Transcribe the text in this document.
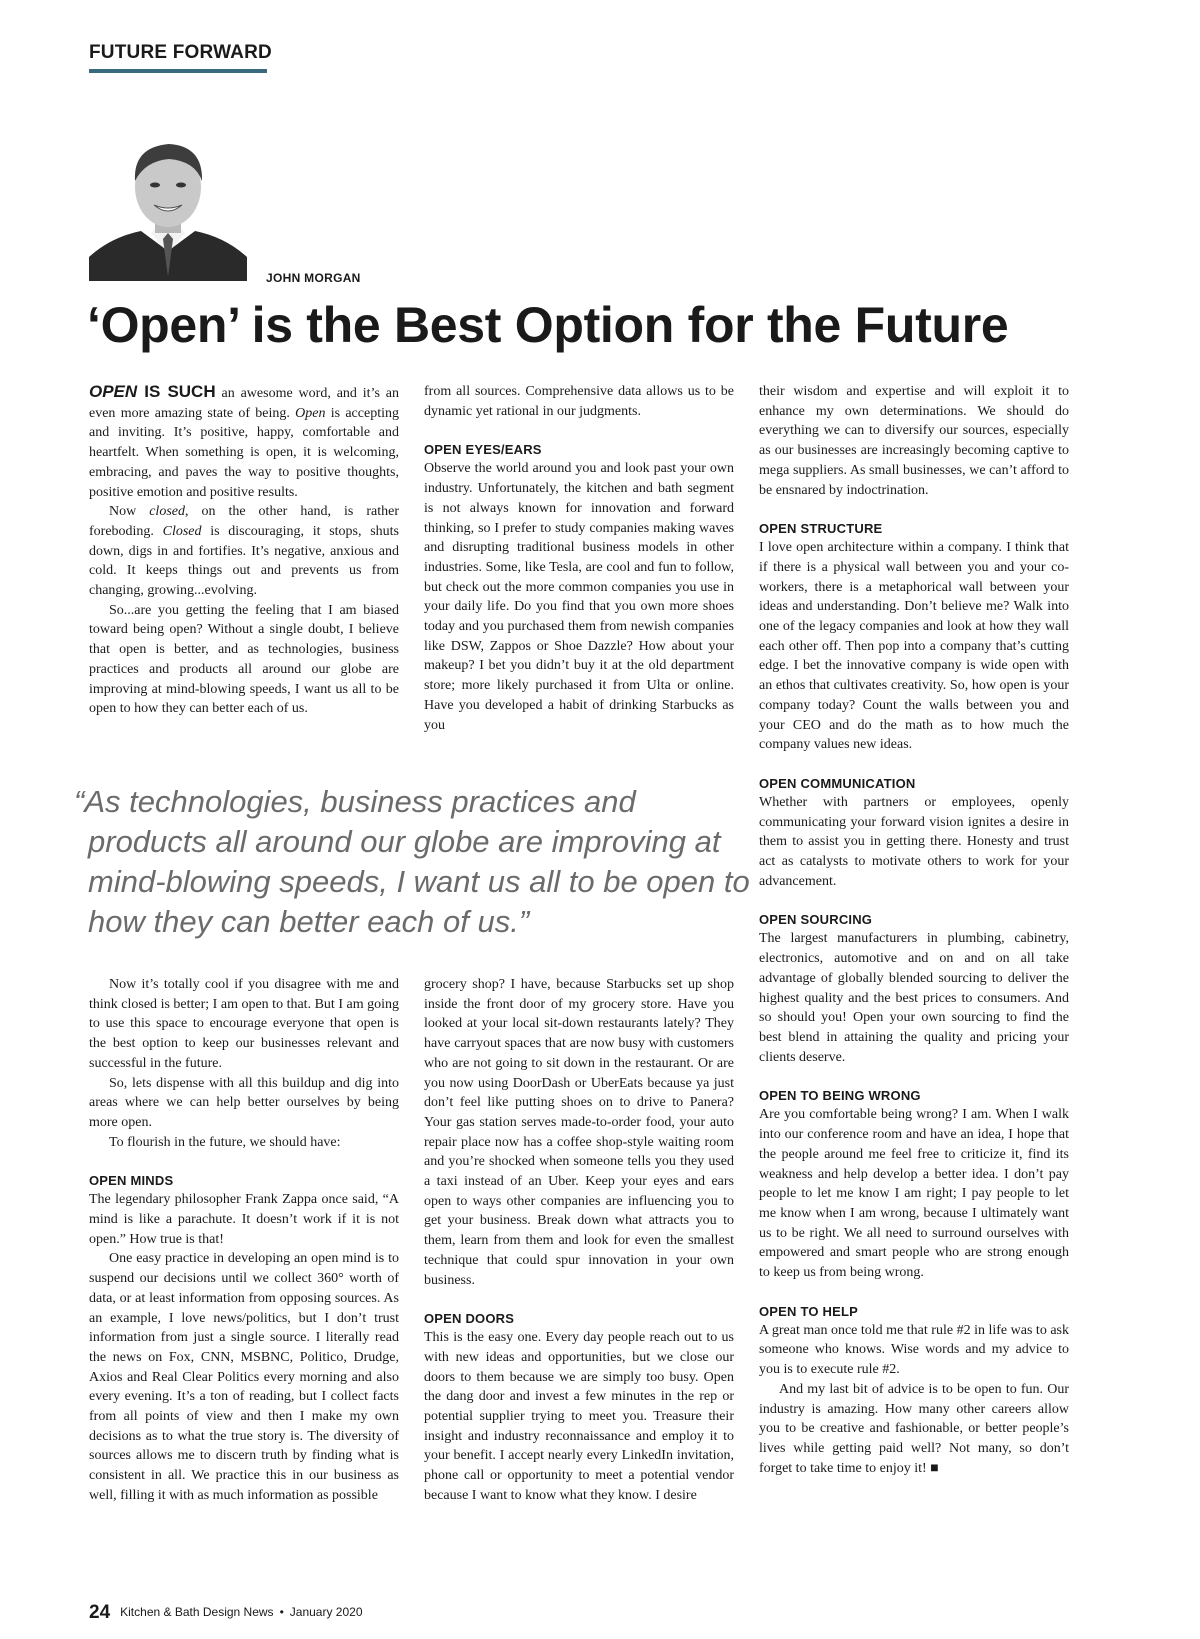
FUTURE FORWARD
JOHN MORGAN
‘Open’ is the Best Option for the Future

OPEN IS SUCH an awesome word, and it’s an even more amazing state of being. Open is accepting and inviting. It’s positive, happy, comfortable and heartfelt. When something is open, it is welcoming, embracing, and paves the way to positive thoughts, positive emotion and positive results.

Now closed, on the other hand, is rather foreboding. Closed is discouraging, it stops, shuts down, digs in and fortifies. It’s negative, anxious and cold. It keeps things out and prevents us from changing, growing...evolving.

So...are you getting the feeling that I am biased toward being open? Without a single doubt, I believe that open is better, and as technologies, business practices and products all around our globe are improving at mind-blowing speeds, I want us all to be open to how they can better each of us.

from all sources. Comprehensive data allows us to be dynamic yet rational in our judgments.

OPEN EYES/EARS

Observe the world around you and look past your own industry. Unfortunately, the kitchen and bath segment is not always known for innovation and forward thinking, so I prefer to study companies making waves and disrupting traditional business models in other industries. Some, like Tesla, are cool and fun to follow, but check out the more common companies you use in your daily life. Do you find that you own more shoes today and you purchased them from newish companies like DSW, Zappos or Shoe Dazzle? How about your makeup? I bet you didn’t buy it at the old department store; more likely purchased it from Ulta or online. Have you developed a habit of drinking Starbucks as you

their wisdom and expertise and will exploit it to enhance my own determinations. We should do everything we can to diversify our sources, especially as our businesses are increasingly becoming captive to mega suppliers. As small businesses, we can’t afford to be ensnared by indoctrination.

OPEN STRUCTURE

I love open architecture within a company. I think that if there is a physical wall between you and your co-workers, there is a metaphorical wall between your ideas and understanding. Don’t believe me? Walk into one of the legacy companies and look at how they wall each other off. Then pop into a company that’s cutting edge. I bet the innovative company is wide open with an ethos that cultivates creativity. So, how open is your company today? Count the walls between you and your CEO and do the math as to how much the company values new ideas.

OPEN COMMUNICATION

Whether with partners or employees, openly communicating your forward vision ignites a desire in them to assist you in getting there. Honesty and trust act as catalysts to motivate others to work for your advancement.

OPEN SOURCING

The largest manufacturers in plumbing, cabinetry, electronics, automotive and on and on all take advantage of globally blended sourcing to deliver the highest quality and the best prices to consumers. And so should you! Open your own sourcing to find the best blend in attaining the quality and pricing your clients deserve.

OPEN TO BEING WRONG

Are you comfortable being wrong? I am. When I walk into our conference room and have an idea, I hope that the people around me feel free to criticize it, find its weakness and help develop a better idea. I don’t pay people to let me know I am right; I pay people to let me know when I am wrong, because I ultimately want us to be right. We all need to surround ourselves with empowered and smart people who are strong enough to keep us from being wrong.

OPEN TO HELP

A great man once told me that rule #2 in life was to ask someone who knows. Wise words and my advice to you is to execute rule #2.

And my last bit of advice is to be open to fun. Our industry is amazing. How many other careers allow you to be creative and fashionable, or better people’s lives while getting paid well? Not many, so don’t forget to take time to enjoy it! ■

“As technologies, business practices and products all around our globe are improving at mind-blowing speeds, I want us all to be open to how they can better each of us.”

Now it’s totally cool if you disagree with me and think closed is better; I am open to that. But I am going to use this space to encourage everyone that open is the best option to keep our businesses relevant and successful in the future.

So, lets dispense with all this buildup and dig into areas where we can help better ourselves by being more open.

To flourish in the future, we should have:

OPEN MINDS

The legendary philosopher Frank Zappa once said, “A mind is like a parachute. It doesn’t work if it is not open.” How true is that!

One easy practice in developing an open mind is to suspend our decisions until we collect 360° worth of data, or at least information from opposing sources. As an example, I love news/politics, but I don’t trust information from just a single source. I literally read the news on Fox, CNN, MSBNC, Politico, Drudge, Axios and Real Clear Politics every morning and also every evening. It’s a ton of reading, but I collect facts from all points of view and then I make my own decisions as to what the true story is. The diversity of sources allows me to discern truth by finding what is consistent in all. We practice this in our business as well, filling it with as much information as possible

grocery shop? I have, because Starbucks set up shop inside the front door of my grocery store. Have you looked at your local sit-down restaurants lately? They have carryout spaces that are now busy with customers who are not going to sit down in the restaurant. Or are you now using DoorDash or UberEats because ya just don’t feel like putting shoes on to drive to Panera? Your gas station serves made-to-order food, your auto repair place now has a coffee shop-style waiting room and you’re shocked when someone tells you they used a taxi instead of an Uber. Keep your eyes and ears open to ways other companies are influencing you to get your business. Break down what attracts you to them, learn from them and look for even the smallest technique that could spur innovation in your own business.

OPEN DOORS

This is the easy one. Every day people reach out to us with new ideas and opportunities, but we close our doors to them because we are simply too busy. Open the dang door and invest a few minutes in the rep or potential supplier trying to meet you. Treasure their insight and industry reconnaissance and employ it to your benefit. I accept nearly every LinkedIn invitation, phone call or opportunity to meet a potential vendor because I want to know what they know. I desire

24 Kitchen & Bath Design News • January 2020
